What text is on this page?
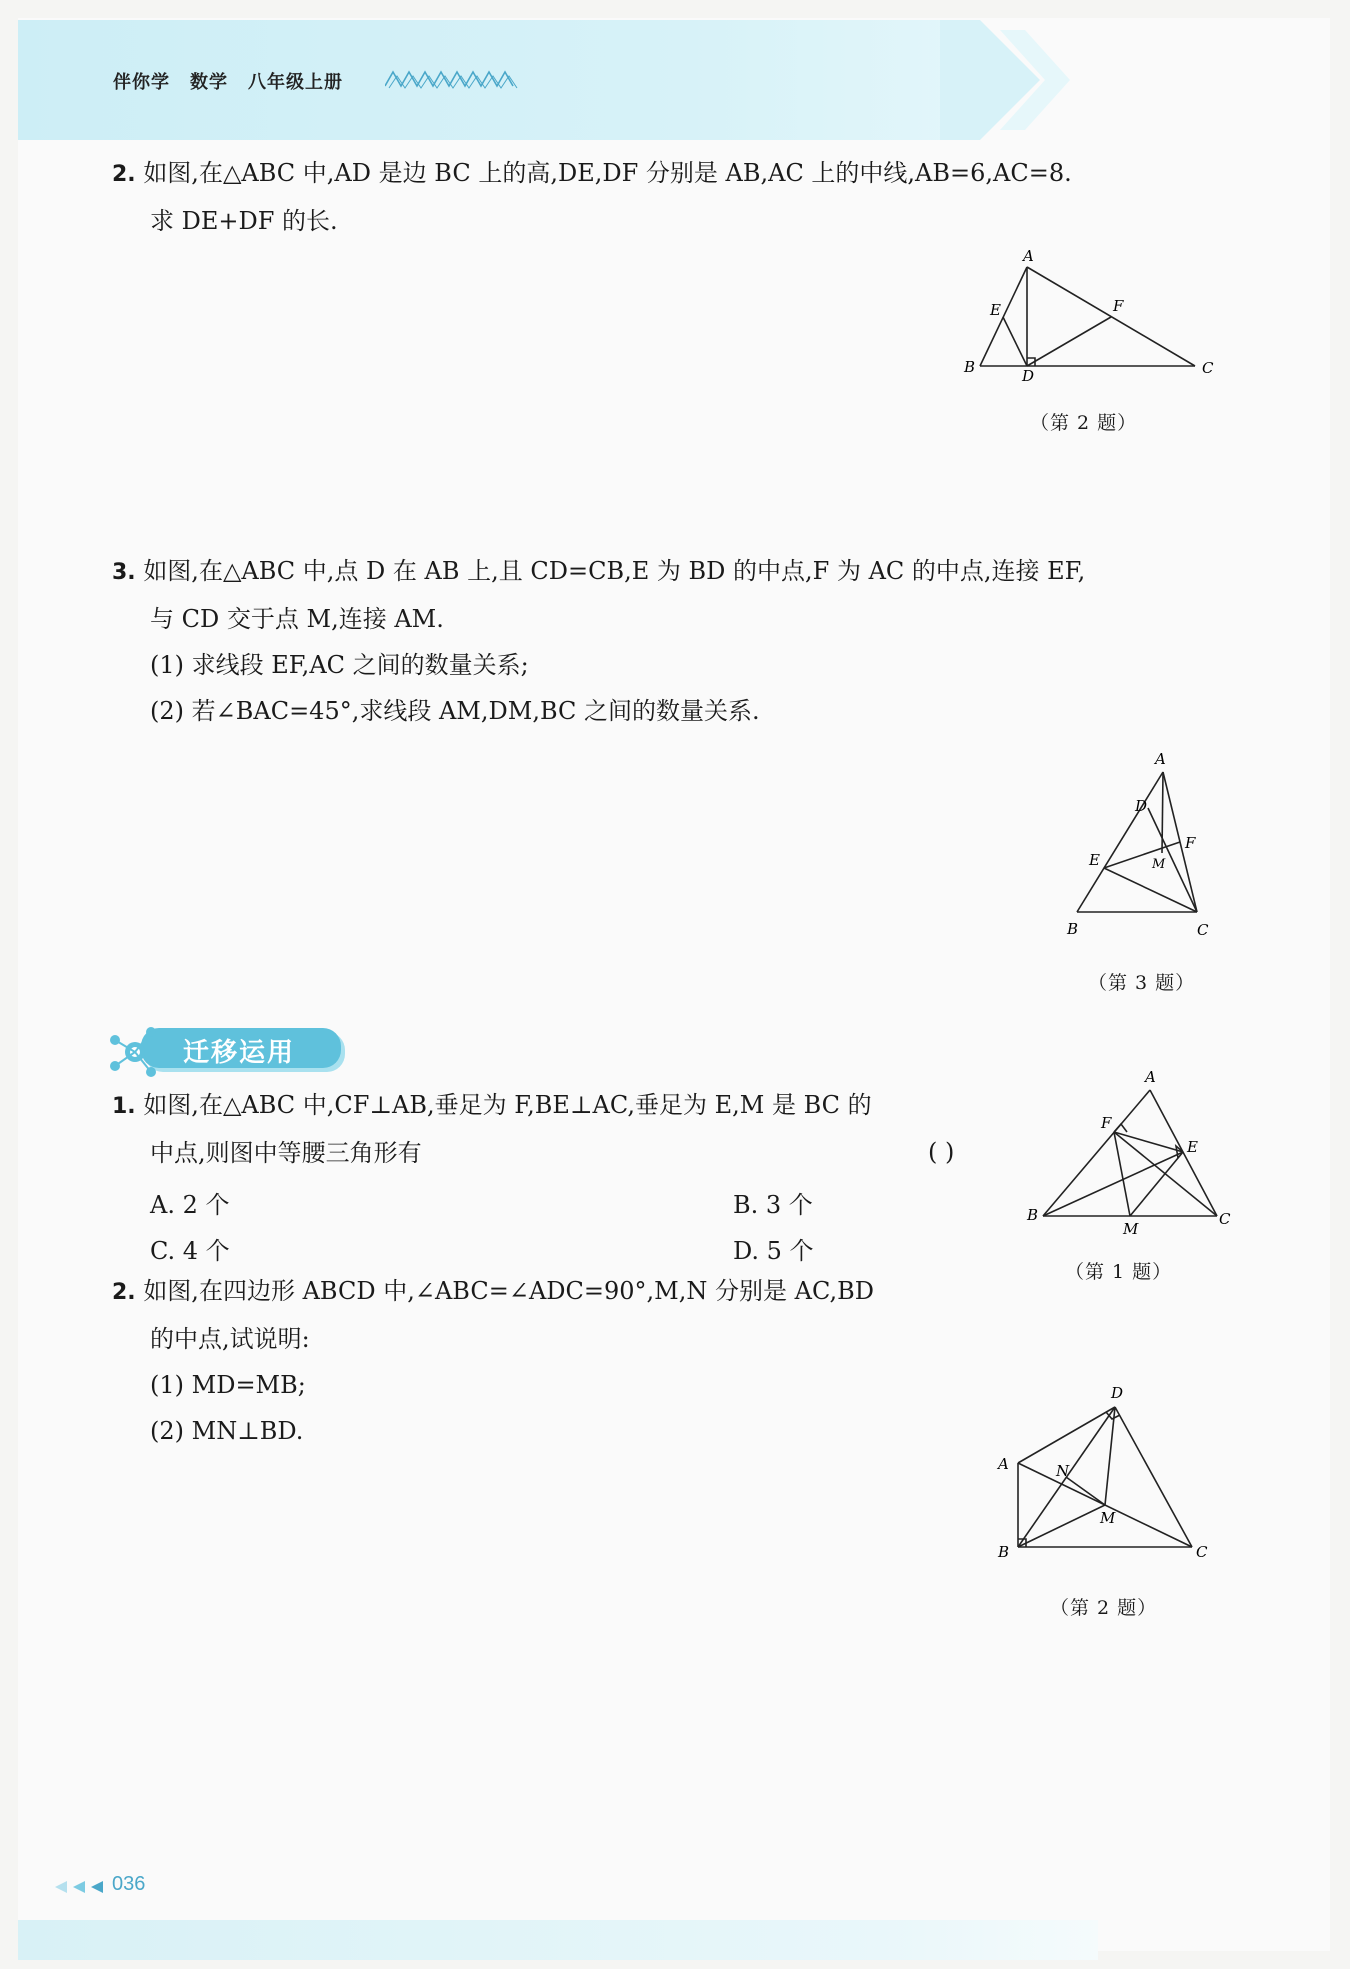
伴你学 数学 八年级上册
2. 如图,在△ABC 中,AD 是边 BC 上的高,DE,DF 分别是 AB,AC 上的中线,AB=6,AC=8.
求 DE+DF 的长.
A
B	C
D
E	F
（第 2 题）
3. 如图,在△ABC 中,点 D 在 AB 上,且 CD=CB,E 为 BD 的中点,F 为 AC 的中点,连接 EF,
与 CD 交于点 M,连接 AM.
(1) 求线段 EF,AC 之间的数量关系;
(2) 若∠BAC=45°,求线段 AM,DM,BC 之间的数量关系.
A
B	C
D
E
F
M
（第 3 题）
迁移运用
1. 如图,在△ABC 中,CF⊥AB,垂足为 F,BE⊥AC,垂足为 E,M 是 BC 的
中点,则图中等腰三角形有	( )
A. 2 个	B. 3 个
C. 4 个	D. 5 个
A
B	C
E
F
M
（第 1 题）
2. 如图,在四边形 ABCD 中,∠ABC=∠ADC=90°,M,N 分别是 AC,BD
的中点,试说明:
(1) MD=MB;
(2) MN⊥BD.
D
A
B	C
N
M
（第 2 题）
036
